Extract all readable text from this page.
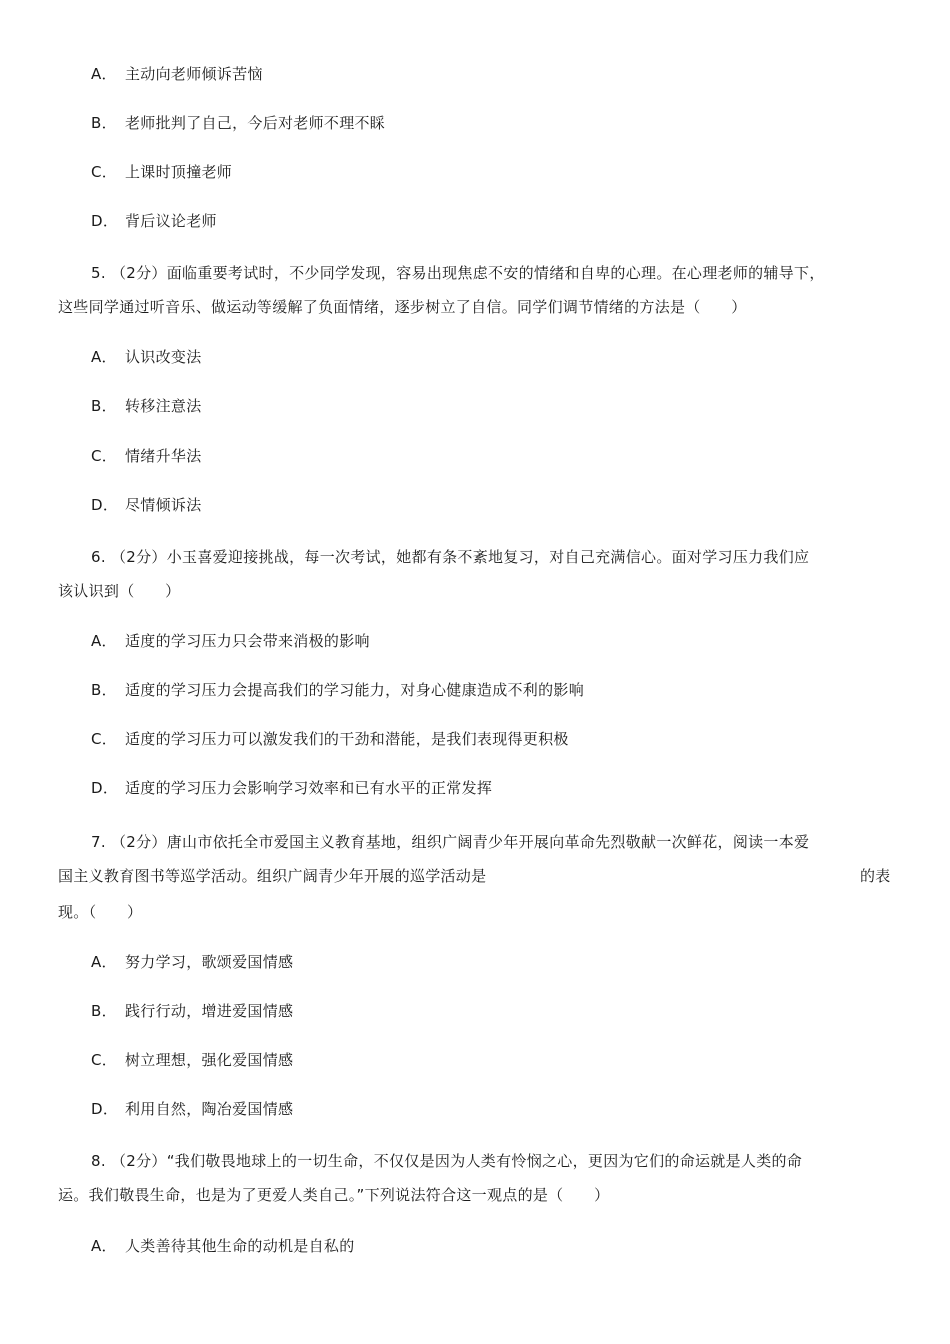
A． 主动向老师倾诉苦恼
B． 老师批判了自己，今后对老师不理不睬
C． 上课时顶撞老师
D． 背后议论老师
5. （2分）面临重要考试时，不少同学发现，容易出现焦虑不安的情绪和自卑的心理。在心理老师的辅导下，
这些同学通过听音乐、做运动等缓解了负面情绪，逐步树立了自信。同学们调节情绪的方法是（　　）
A． 认识改变法
B． 转移注意法
C． 情绪升华法
D． 尽情倾诉法
6. （2分）小玉喜爱迎接挑战，每一次考试，她都有条不紊地复习，对自己充满信心。面对学习压力我们应
该认识到（　　）
A． 适度的学习压力只会带来消极的影响
B． 适度的学习压力会提高我们的学习能力，对身心健康造成不利的影响
C． 适度的学习压力可以激发我们的干劲和潜能，是我们表现得更积极
D． 适度的学习压力会影响学习效率和已有水平的正常发挥
7. （2分）唐山市依托全市爱国主义教育基地，组织广阔青少年开展向革命先烈敬献一次鲜花，阅读一本爱
国主义教育图书等巡学活动。组织广阔青少年开展的巡学活动是	的表
现。（　　）
A． 努力学习，歌颂爱国情感
B． 践行行动，增进爱国情感
C． 树立理想，强化爱国情感
D． 利用自然，陶冶爱国情感
8. （2分）“我们敬畏地球上的一切生命，不仅仅是因为人类有怜悯之心，更因为它们的命运就是人类的命
运。我们敬畏生命，也是为了更爱人类自己。”下列说法符合这一观点的是（　　）
A． 人类善待其他生命的动机是自私的
